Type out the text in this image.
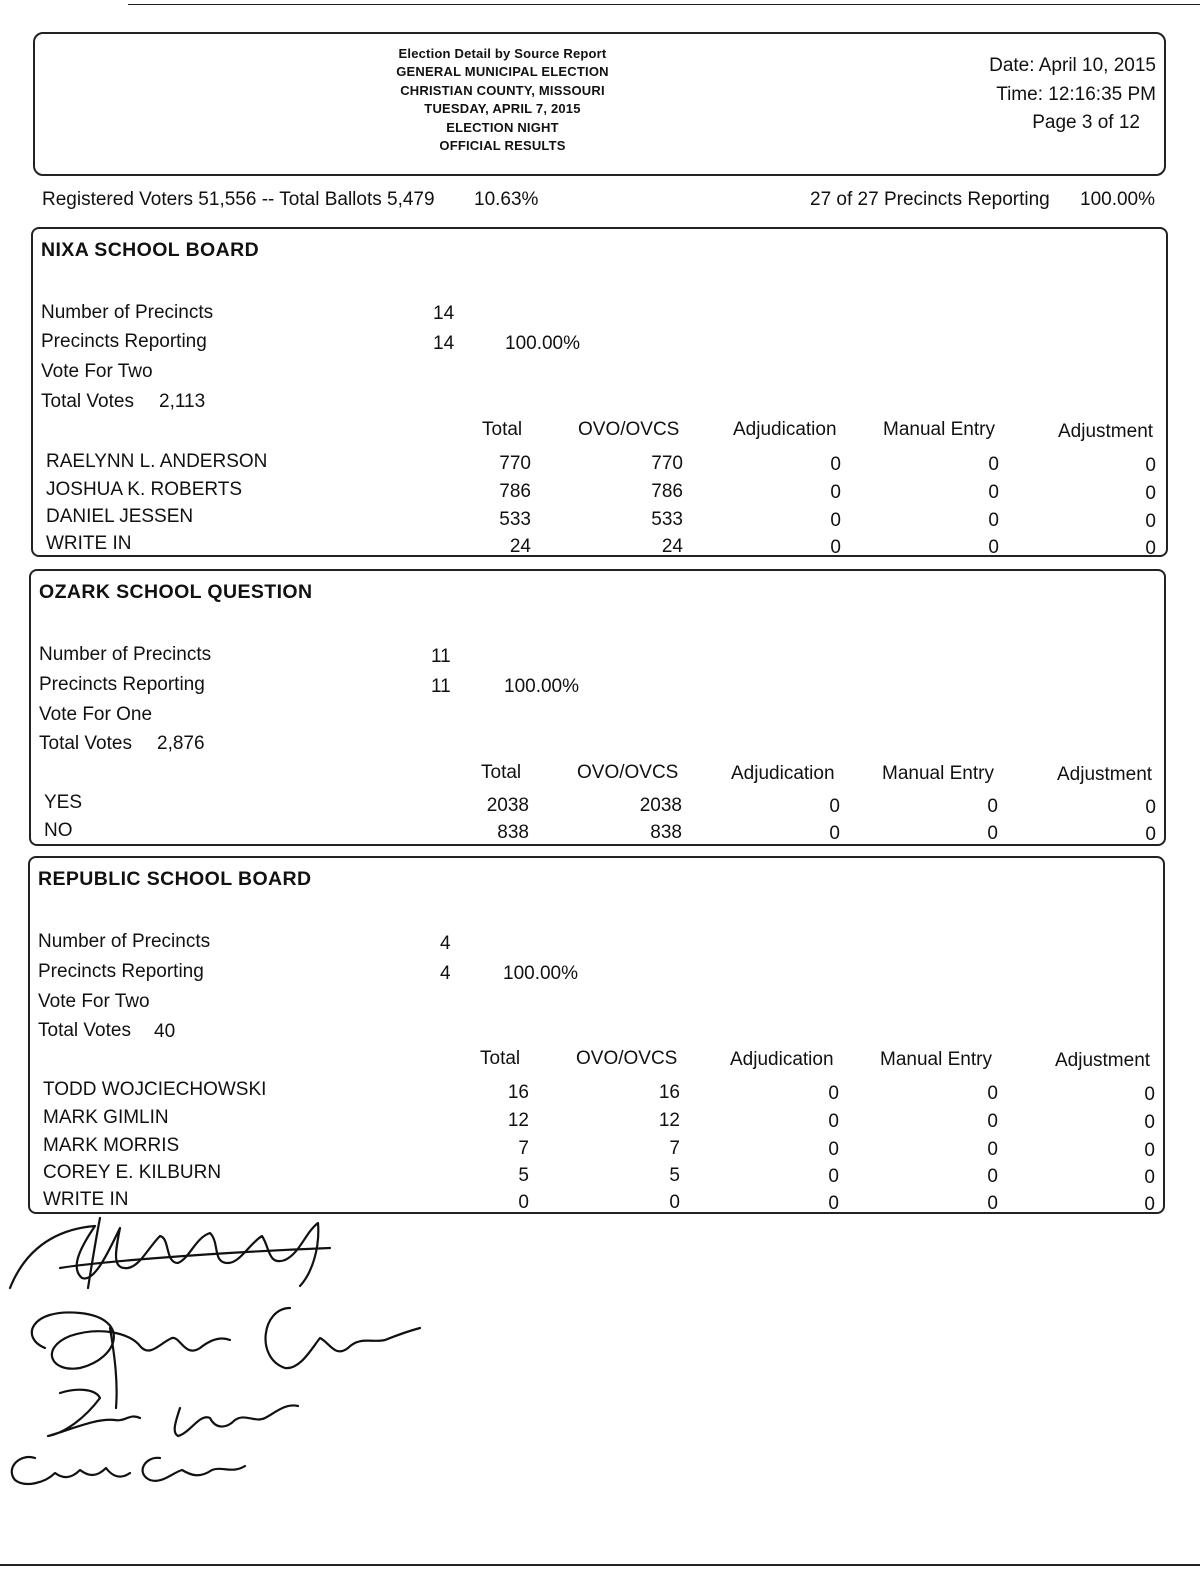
Election Detail by Source Report
GENERAL MUNICIPAL ELECTION
CHRISTIAN COUNTY, MISSOURI
TUESDAY, APRIL 7, 2015
ELECTION NIGHT
OFFICIAL RESULTS
Date: April 10, 2015
Time: 12:16:35 PM
Page 3 of 12
Registered Voters 51,556 -- Total Ballots 5,479 10.63%	27 of 27 Precincts Reporting 100.00%
NIXA SCHOOL BOARD
Number of Precincts	14
Precincts Reporting	14	100.00%
Vote For Two
Total Votes 2,113
Total	OVO/OVCS	Adjudication Manual Entry	Adjustment
RAELYNN L. ANDERSON	770	770	0	0	0
JOSHUA K. ROBERTS	786	786	0	0	0
DANIEL JESSEN	533	533	0	0	0
WRITE IN	24	24	0	0	0
OZARK SCHOOL QUESTION
Number of Precincts	11
Precincts Reporting	11	100.00%
Vote For One
Total Votes 2,876
Total	OVO/OVCS	Adjudication Manual Entry	Adjustment
YES	2038	2038	0	0	0
NO	838	838	0	0	0
REPUBLIC SCHOOL BOARD
Number of Precincts	4
Precincts Reporting	4	100.00%
Vote For Two
Total Votes 40
Total	OVO/OVCS	Adjudication Manual Entry	Adjustment
TODD WOJCIECHOWSKI	16	16	0	0	0
MARK GIMLIN	12	12	0	0	0
MARK MORRIS	7	7	0	0	0
COREY E. KILBURN	5	5	0	0	0
WRITE IN	0	0	0	0	0
